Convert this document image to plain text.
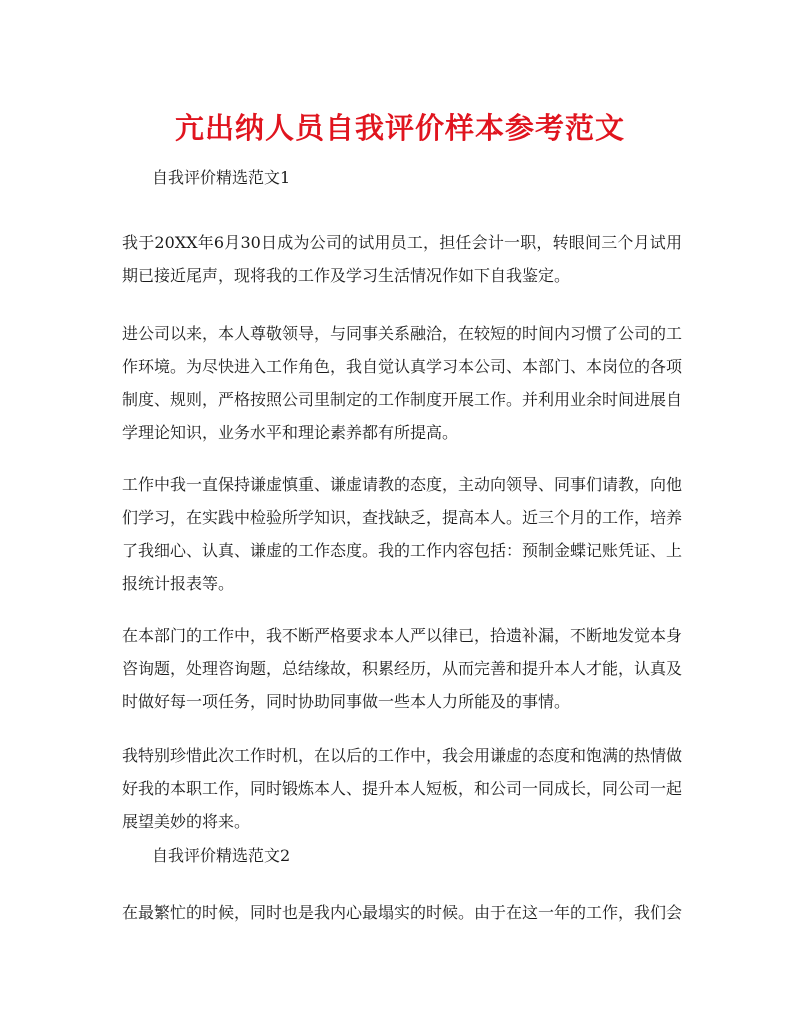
亢出纳人员自我评价样本参考范文

自我评价精选范文1

我于20XX年6月30日成为公司的试用员工，担任会计一职，转眼间三个月试用期已接近尾声，现将我的工作及学习生活情况作如下自我鉴定。

进公司以来，本人尊敬领导，与同事关系融洽，在较短的时间内习惯了公司的工作环境。为尽快进入工作角色，我自觉认真学习本公司、本部门、本岗位的各项制度、规则，严格按照公司里制定的工作制度开展工作。并利用业余时间进展自学理论知识，业务水平和理论素养都有所提高。

工作中我一直保持谦虚慎重、谦虚请教的态度，主动向领导、同事们请教，向他们学习，在实践中检验所学知识，查找缺乏，提高本人。近三个月的工作，培养了我细心、认真、谦虚的工作态度。我的工作内容包括：预制金蝶记账凭证、上报统计报表等。

在本部门的工作中，我不断严格要求本人严以律已，拾遗补漏，不断地发觉本身咨询题，处理咨询题，总结缘故，积累经历，从而完善和提升本人才能，认真及时做好每一项任务，同时协助同事做一些本人力所能及的事情。

我特别珍惜此次工作时机，在以后的工作中，我会用谦虚的态度和饱满的热情做好我的本职工作，同时锻炼本人、提升本人短板，和公司一同成长，同公司一起展望美妙的将来。

自我评价精选范文2

在最繁忙的时候，同时也是我内心最塌实的时候。由于在这一年的工作，我们会
